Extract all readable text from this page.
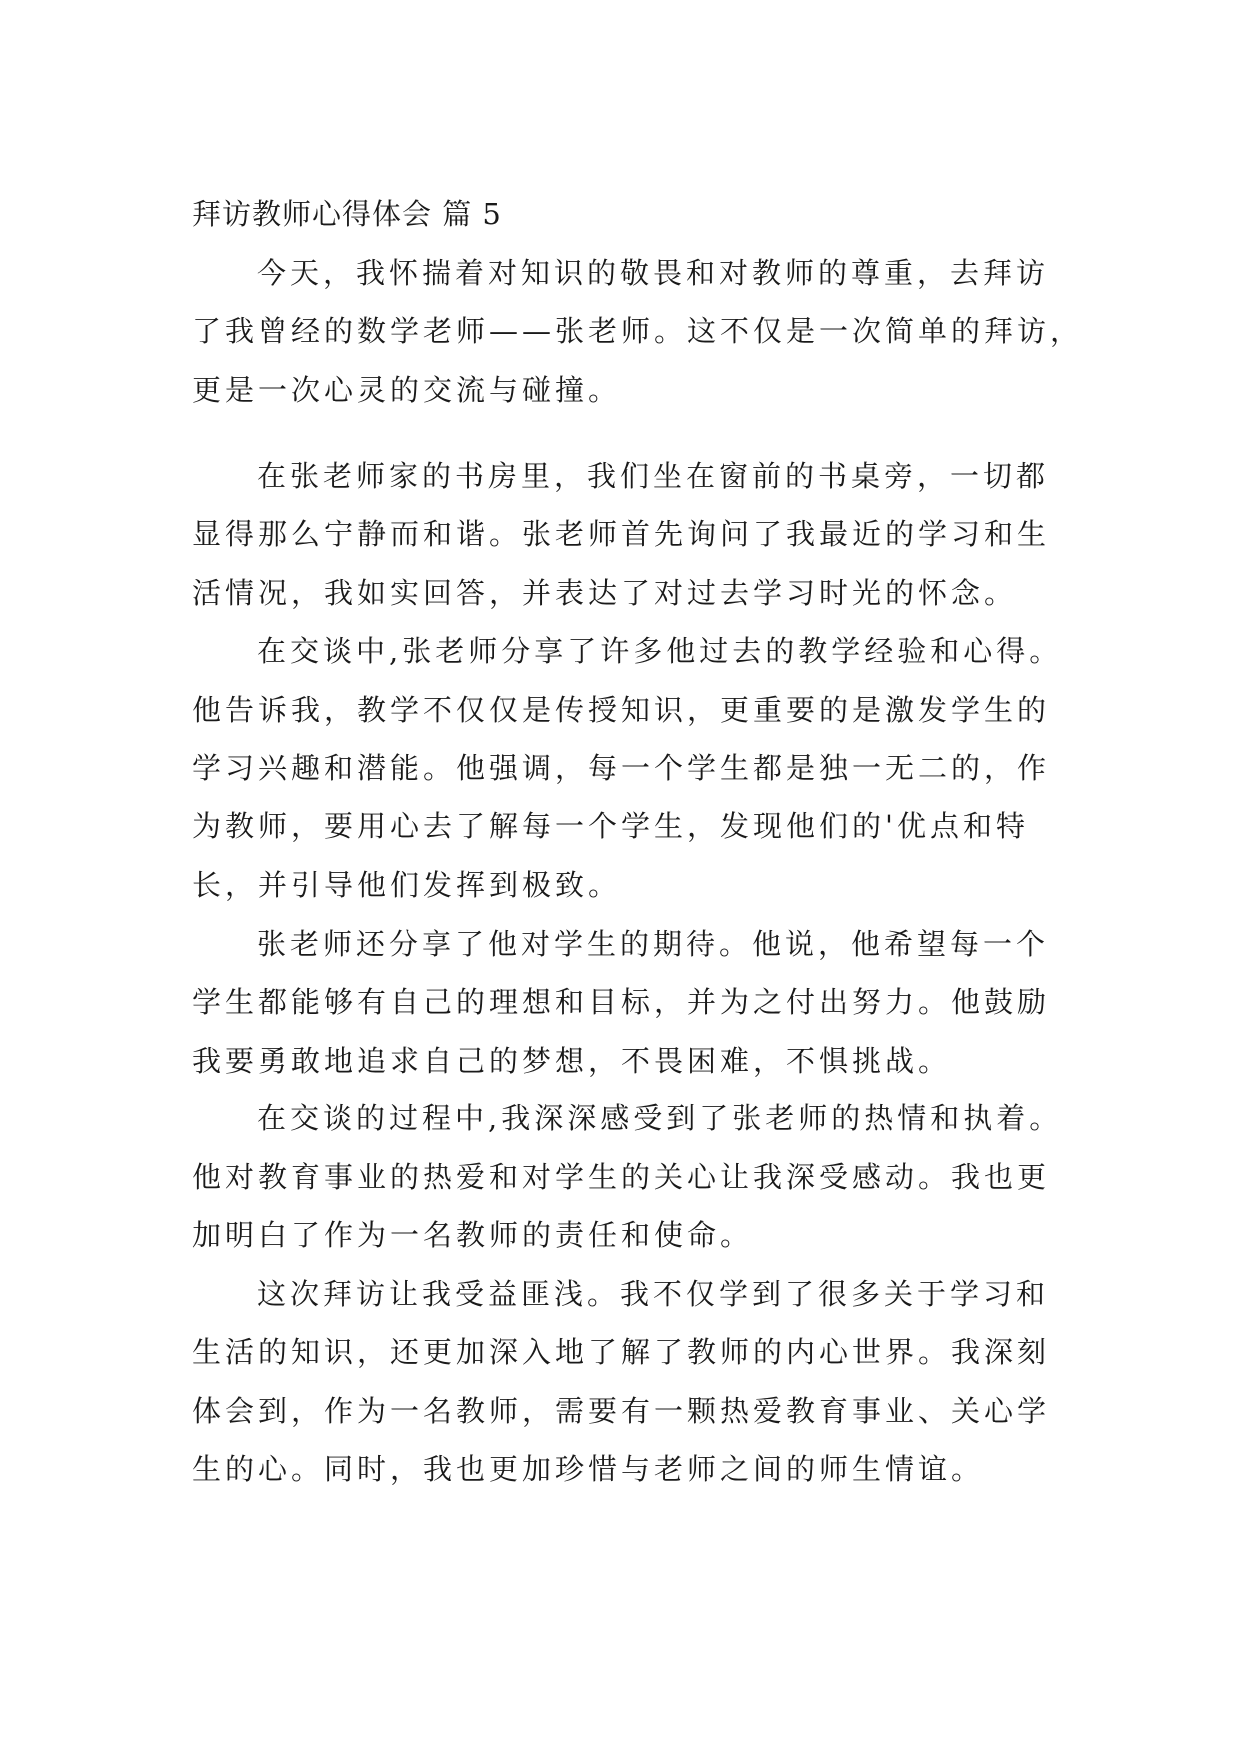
拜访教师心得体会 篇 5
今天，我怀揣着对知识的敬畏和对教师的尊重，去拜访
了我曾经的数学老师——张老师。这不仅是一次简单的拜访，
更是一次心灵的交流与碰撞。
在张老师家的书房里，我们坐在窗前的书桌旁，一切都
显得那么宁静而和谐。张老师首先询问了我最近的学习和生
活情况，我如实回答，并表达了对过去学习时光的怀念。
在交谈中,张老师分享了许多他过去的教学经验和心得。
他告诉我，教学不仅仅是传授知识，更重要的是激发学生的
学习兴趣和潜能。他强调，每一个学生都是独一无二的，作
为教师，要用心去了解每一个学生，发现他们的'优点和特
长，并引导他们发挥到极致。
张老师还分享了他对学生的期待。他说，他希望每一个
学生都能够有自己的理想和目标，并为之付出努力。他鼓励
我要勇敢地追求自己的梦想，不畏困难，不惧挑战。
在交谈的过程中,我深深感受到了张老师的热情和执着。
他对教育事业的热爱和对学生的关心让我深受感动。我也更
加明白了作为一名教师的责任和使命。
这次拜访让我受益匪浅。我不仅学到了很多关于学习和
生活的知识，还更加深入地了解了教师的内心世界。我深刻
体会到，作为一名教师，需要有一颗热爱教育事业、关心学
生的心。同时，我也更加珍惜与老师之间的师生情谊。
